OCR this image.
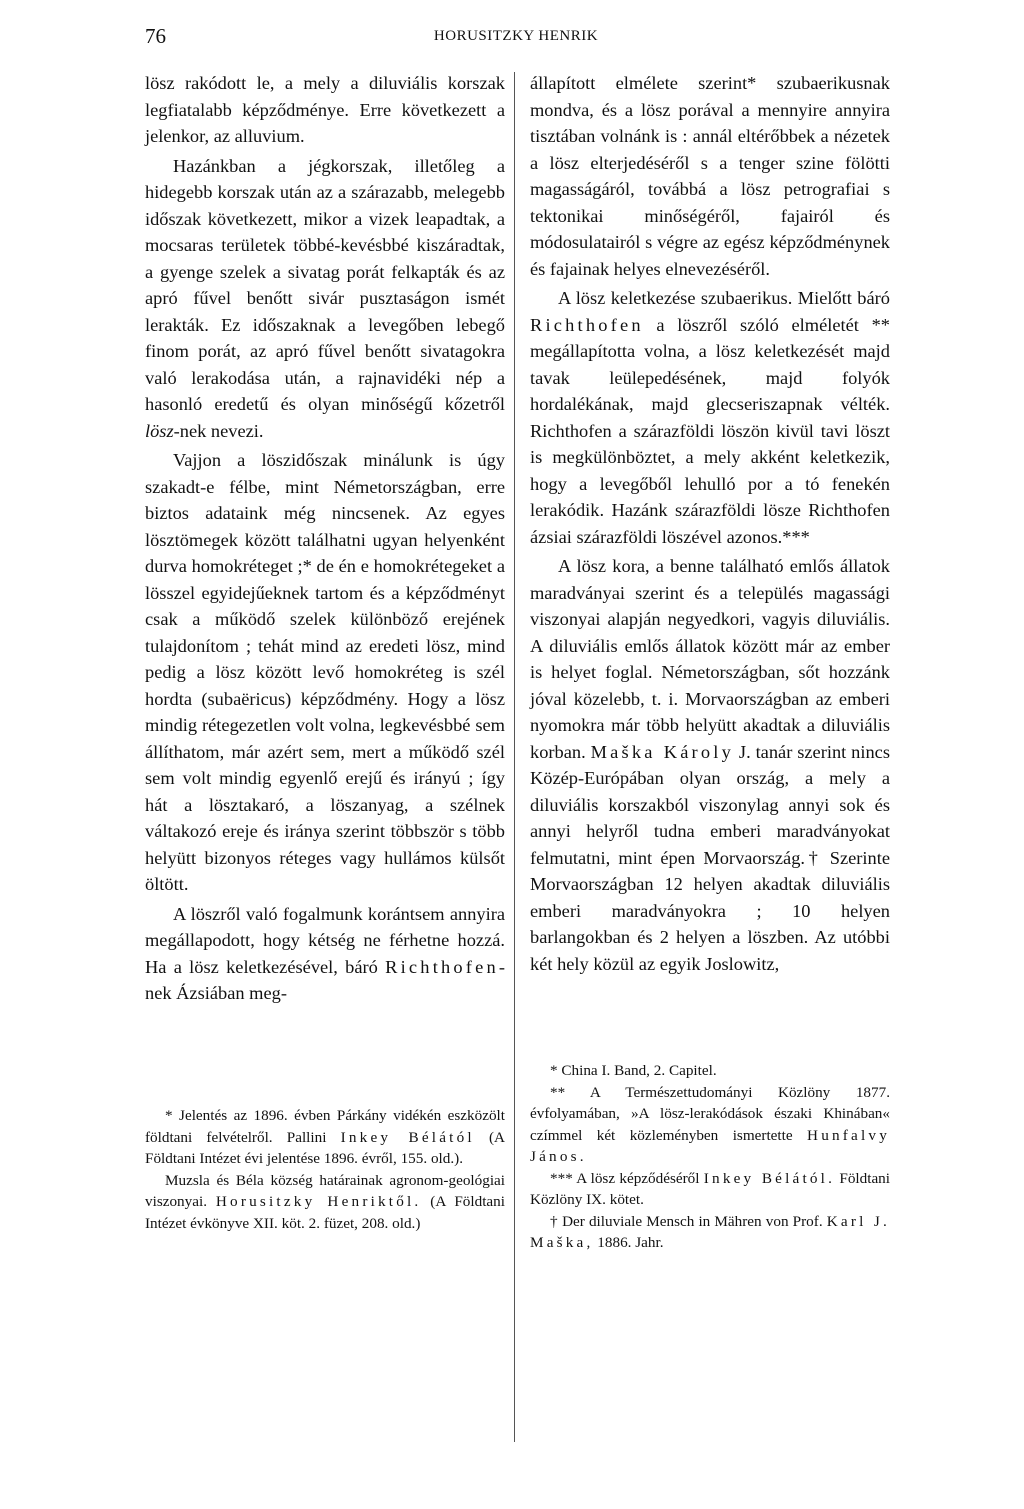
76	HORUSITZKY HENRIK

lösz rakódott le, a mely a diluviális korszak legfiatalabb képződménye. Erre következett a jelenkor, az alluvium.

Hazánkban a jégkorszak, illetőleg a hidegebb korszak után az a szárazabb, melegebb időszak következett, mikor a vizek leapadtak, a mocsaras területek többé-kevésbbé kiszáradtak, a gyenge szelek a sivatag porát felkapták és az apró fűvel benőtt sivár pusztaságon ismét lerakták. Ez időszaknak a levegőben lebegő finom porát, az apró fűvel benőtt sivatagokra való lerakodása után, a rajnavidéki nép a hasonló eredetű és olyan minőségű kőzetről lösz-nek nevezi.

Vajjon a löszidőszak minálunk is úgy szakadt-e félbe, mint Németországban, erre biztos adataink még nincsenek. Az egyes lösztömegek között találhatni ugyan helyenként durva homokréteget ;* de én e homokrétegeket a lösszel egyidejűeknek tartom és a képződményt csak a működő szelek különböző erejének tulajdonítom ; tehát mind az eredeti lösz, mind pedig a lösz között levő homokréteg is szél hordta (subaëricus) képződmény. Hogy a lösz mindig rétegezetlen volt volna, legkevésbbé sem állíthatom, már azért sem, mert a működő szél sem volt mindig egyenlő erejű és irányú ; így hát a lösztakaró, a löszanyag, a szélnek váltakozó ereje és iránya szerint többször s több helyütt bizonyos réteges vagy hullámos külsőt öltött.

A löszről való fogalmunk korántsem annyira megállapodott, hogy kétség ne férhetne hozzá. Ha a lösz keletkezésével, báró Richthofen-nek Ázsiában meg-

állapított elmélete szerint* szubaerikusnak mondva, és a lösz porával a mennyire annyira tisztában volnánk is : annál eltérőbbek a nézetek a lösz elterjedéséről s a tenger szine fölötti magasságáról, továbbá a lösz petrografiai s tektonikai minőségéről, fajairól és módosulatairól s végre az egész képződménynek és fajainak helyes elnevezéséről.

A lösz keletkezése szubaerikus. Mielőtt báró Richthofen a löszről szóló elméletét ** megállapította volna, a lösz keletkezését majd tavak leülepedésének, majd folyók hordalékának, majd glecseriszapnak vélték. Richthofen a szárazföldi löszön kivül tavi löszt is megkülönböztet, a mely akként keletkezik, hogy a levegőből lehulló por a tó fenekén lerakódik. Hazánk szárazföldi lösze Richthofen ázsiai szárazföldi löszével azonos.***

A lösz kora, a benne található emlős állatok maradványai szerint és a település magassági viszonyai alapján negyedkori, vagyis diluviális. A diluviális emlős állatok között már az ember is helyet foglal. Németországban, sőt hozzánk jóval közelebb, t. i. Morvaországban az emberi nyomokra már több helyütt akadtak a diluviális korban. Maška Károly J. tanár szerint nincs Közép-Európában olyan ország, a mely a diluviális korszakból viszonylag annyi sok és annyi helyről tudna emberi maradványokat felmutatni, mint épen Morvaország.† Szerinte Morvaországban 12 helyen akadtak diluviális emberi maradványokra ; 10 helyen barlangokban és 2 helyen a löszben. Az utóbbi két hely közül az egyik Joslowitz,

* Jelentés az 1896. évben Párkány vidékén eszközölt földtani felvételről. Pallini Inkey Bélától (A Földtani Intézet évi jelentése 1896. évről, 155. old.).

Muzsla és Béla község határainak agronom-geológiai viszonyai. Horusitzky Henriktől. (A Földtani Intézet évkönyve XII. köt. 2. füzet, 208. old.)

* China I. Band, 2. Capitel.

** A Természettudományi Közlöny 1877. évfolyamában, »A lösz-lerakódások északi Khinában« czímmel két közleményben ismertette Hunfalvy János.

*** A lösz képződéséről Inkey Bélától. Földtani Közlöny IX. kötet.

† Der diluviale Mensch in Mähren von Prof. Karl J. Maška, 1886. Jahr.
